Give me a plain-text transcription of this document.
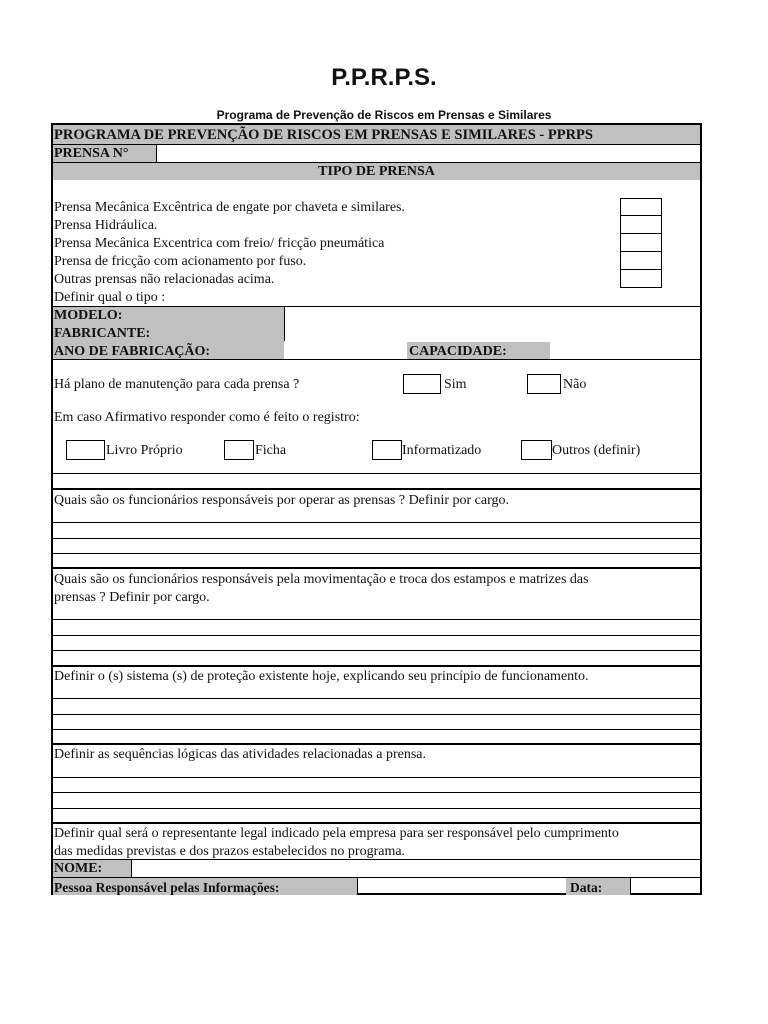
P.P.R.P.S.
Programa de Prevenção de Riscos em Prensas e Similares
PROGRAMA DE PREVENÇÃO DE RISCOS EM PRENSAS E SIMILARES - PPRPS
PRENSA N°
TIPO DE PRENSA
Prensa Mecânica Excêntrica de engate por chaveta e similares.
Prensa Hidráulica.
Prensa Mecânica Excentrica com freio/ fricção pneumática
Prensa de fricção com acionamento por fuso.
Outras prensas não relacionadas acima.
Definir qual o tipo :
MODELO:
FABRICANTE:
ANO DE FABRICAÇÃO:	CAPACIDADE:
Há plano de manutenção para cada prensa ?	Sim	Não
Em caso Afirmativo responder como é feito o registro:
Livro Próprio	Ficha	Informatizado	Outros (definir)
Quais são os funcionários responsáveis por operar as prensas ? Definir por cargo.
Quais são os funcionários responsáveis pela movimentação e troca dos estampos e matrizes das
prensas ? Definir por cargo.
Definir o (s) sistema (s) de proteção existente hoje, explicando seu princípio de funcionamento.
Definir as sequências lógicas das atividades relacionadas a prensa.
Definir qual será o representante legal indicado pela empresa para ser responsável pelo cumprimento
das medidas previstas e dos prazos estabelecidos no programa.
NOME:
Pessoa Responsável pelas Informações:	Data:
